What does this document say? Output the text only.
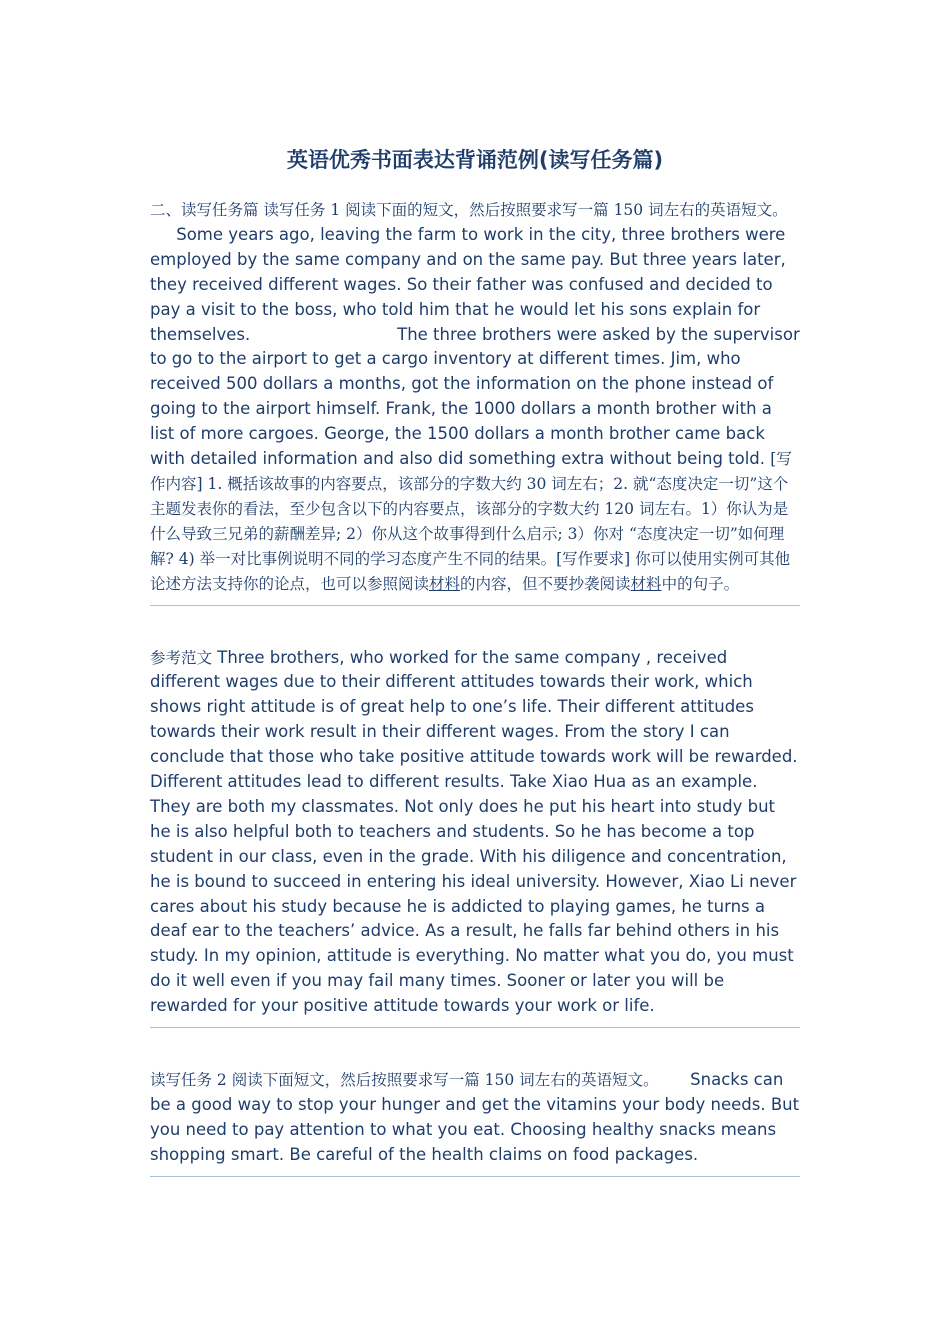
英语优秀书面表达背诵范例(读写任务篇)

二、读写任务篇 读写任务 1 阅读下面的短文，然后按照要求写一篇 150 词左右的英语短文。      Some years ago, leaving the farm to work in the city, three brothers were employed by the same company and on the same pay. But three years later, they received different wages. So their father was confused and decided to pay a visit to the boss, who told him that he would let his sons explain for themselves.	The three brothers were asked by the supervisor to go to the airport to get a cargo inventory at different times. Jim, who received 500 dollars a months, got the information on the phone instead of going to the airport himself. Frank, the 1000 dollars a month brother with a list of more cargoes. George, the 1500 dollars a month brother came back with detailed information and also did something extra without being told. [写作内容] 1. 概括该故事的内容要点，该部分的字数大约 30 词左右；2. 就“态度决定一切”这个主题发表你的看法，至少包含以下的内容要点，该部分的字数大约 120 词左右。1）你认为是什么导致三兄弟的薪酬差异; 2）你从这个故事得到什么启示; 3）你对 “态度决定一切”如何理解? 4) 举一对比事例说明不同的学习态度产生不同的结果。[写作要求] 你可以使用实例可其他论述方法支持你的论点，也可以参照阅读材料的内容，但不要抄袭阅读材料中的句子。

参考范文 Three brothers, who worked for the same company , received different wages due to their different attitudes towards their work, which shows right attitude is of great help to one’s life. Their different attitudes towards their work result in their different wages. From the story I can conclude that those who take positive attitude towards work will be rewarded. Different attitudes lead to different results. Take Xiao Hua as an example. They are both my classmates. Not only does he put his heart into study but he is also helpful both to teachers and students. So he has become a top student in our class, even in the grade. With his diligence and concentration, he is bound to succeed in entering his ideal university. However, Xiao Li never cares about his study because he is addicted to playing games, he turns a deaf ear to the teachers’ advice. As a result, he falls far behind others in his study. In my opinion, attitude is everything. No matter what you do, you must do it well even if you may fail many times. Sooner or later you will be rewarded for your positive attitude towards your work or life.

读写任务 2 阅读下面短文，然后按照要求写一篇 150 词左右的英语短文。 Snacks can be a good way to stop your hunger and get the vitamins your body needs. But you need to pay attention to what you eat. Choosing healthy snacks means shopping smart. Be careful of the health claims on food packages.
